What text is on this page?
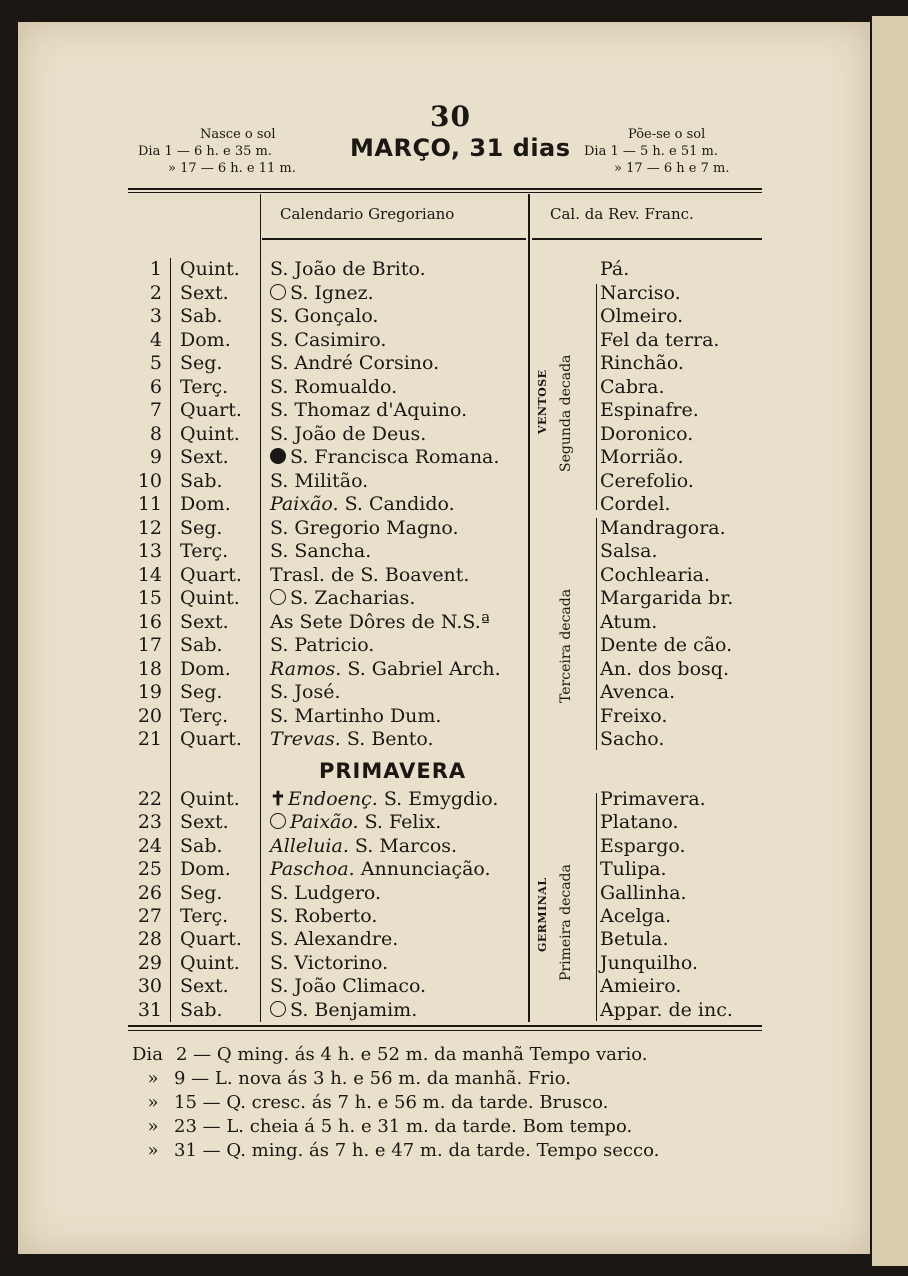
30
Nasce o sol
Dia 1 — 6 h. e 35 m.
» 17 — 6 h. e 11 m.
MARÇO, 31 dias	Põe-se o sol
Dia 1 — 5 h. e 51 m.
» 17 — 6 h e 7 m.
Calendario Gregoriano	Cal. da Rev. Franc.
1 Quint. S. João de Brito.	Pá.
2 Sext.	S. Ignez.	Narciso.
3 Sab. S. Gonçalo.	Olmeiro.
4 Dom. S. Casimiro.	Fel da terra.
5 Seg.	S. André Corsino.	Rinchão.
6 Terç. S. Romualdo.	Cabra.
7 Quart. S. Thomaz d'Aquino.	Espinafre.
8 Quint. S. João de Deus.	Doronico.
9 Sext.	S. Francisca Romana.	Morrião.
10 Sab. S. Militão.	Cerefolio.
11 Dom. Paixão. S. Candido.	Cordel.
12 Seg.	S. Gregorio Magno.	Mandragora.
13 Terç. S. Sancha.	Salsa.
14 Quart. Trasl. de S. Boavent.	Cochlearia.
15 Quint.	S. Zacharias.	Margarida br.
16 Sext. As Sete Dôres de N.S.ª	Atum.
17 Sab. S. Patricio.	Dente de cão.
18 Dom. Ramos. S. Gabriel Arch.	An. dos bosq.
19 Seg.	S. José.	Avenca.
20 Terç. S. Martinho Dum.	Freixo.
21 Quart. Trevas. S. Bento.	Sacho.
22 Quint. ✝ Endoenç. S. Emygdio.	Primavera.
23 Sext.	Paixão. S. Felix.	Platano.
24 Sab. Alleluia. S. Marcos.	Espargo.
25 Dom. Paschoa. Annunciação.	Tulipa.
26 Seg.	S. Ludgero.	Gallinha.
27 Terç. S. Roberto.	Acelga.
28 Quart. S. Alexandre.	Betula.
29 Quint. S. Victorino.	Junquilho.
30 Sext. S. João Climaco.	Amieiro.
31 Sab.	S. Benjamim.	Appar. de inc.
PRIMAVERA
VENTOSE Segunda decada
Terceira decada
GERMINAL Primeira decada
Dia 2 — Q ming. ás 4 h. e 52 m. da manhã Tempo vario.
» 9 — L. nova ás 3 h. e 56 m. da manhã. Frio.
» 15 — Q. cresc. ás 7 h. e 56 m. da tarde. Brusco.
» 23 — L. cheia á 5 h. e 31 m. da tarde. Bom tempo.
» 31 — Q. ming. ás 7 h. e 47 m. da tarde. Tempo secco.
